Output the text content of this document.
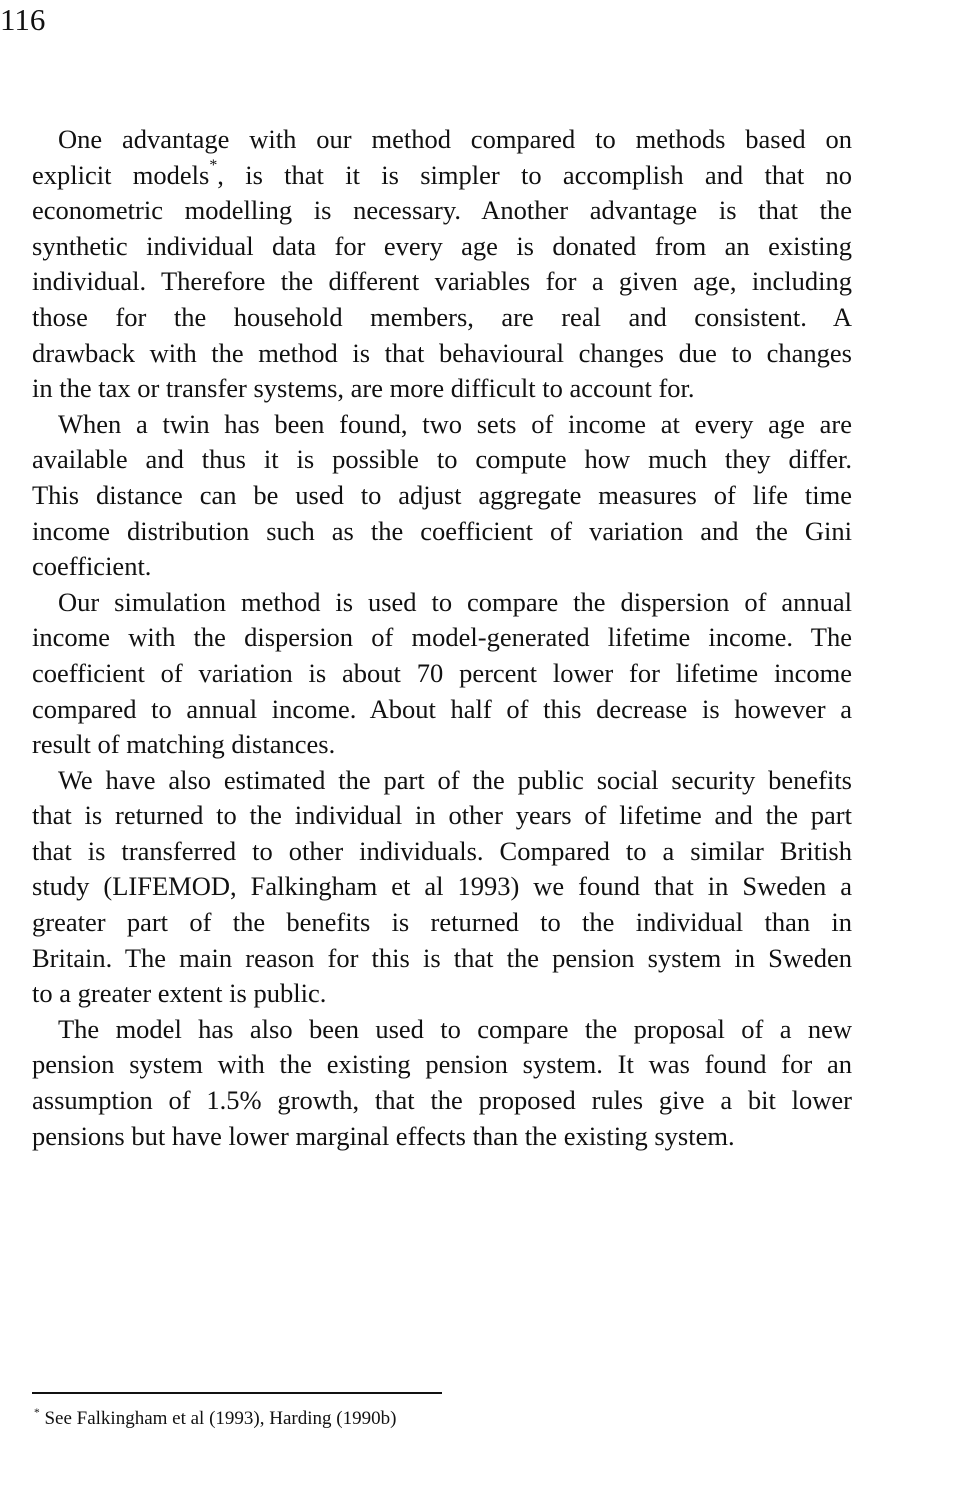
116
One advantage with our method compared to methods based on
explicit models*, is that it is simpler to accomplish and that no
econometric modelling is necessary. Another advantage is that the
synthetic individual data for every age is donated from an existing
individual. Therefore the different variables for a given age, including
those for the household members, are real and consistent. A
drawback with the method is that behavioural changes due to changes
in the tax or transfer systems, are more difficult to account for.
When a twin has been found, two sets of income at every age are
available and thus it is possible to compute how much they differ.
This distance can be used to adjust aggregate measures of life time
income distribution such as the coefficient of variation and the Gini
coefficient.
Our simulation method is used to compare the dispersion of annual
income with the dispersion of model-generated lifetime income. The
coefficient of variation is about 70 percent lower for lifetime income
compared to annual income. About half of this decrease is however a
result of matching distances.
We have also estimated the part of the public social security benefits
that is returned to the individual in other years of lifetime and the part
that is transferred to other individuals. Compared to a similar British
study (LIFEMOD, Falkingham et al 1993) we found that in Sweden a
greater part of the benefits is returned to the individual than in
Britain. The main reason for this is that the pension system in Sweden
to a greater extent is public.
The model has also been used to compare the proposal of a new
pension system with the existing pension system. It was found for an
assumption of 1.5% growth, that the proposed rules give a bit lower
pensions but have lower marginal effects than the existing system.
* See Falkingham et al (1993), Harding (1990b)
